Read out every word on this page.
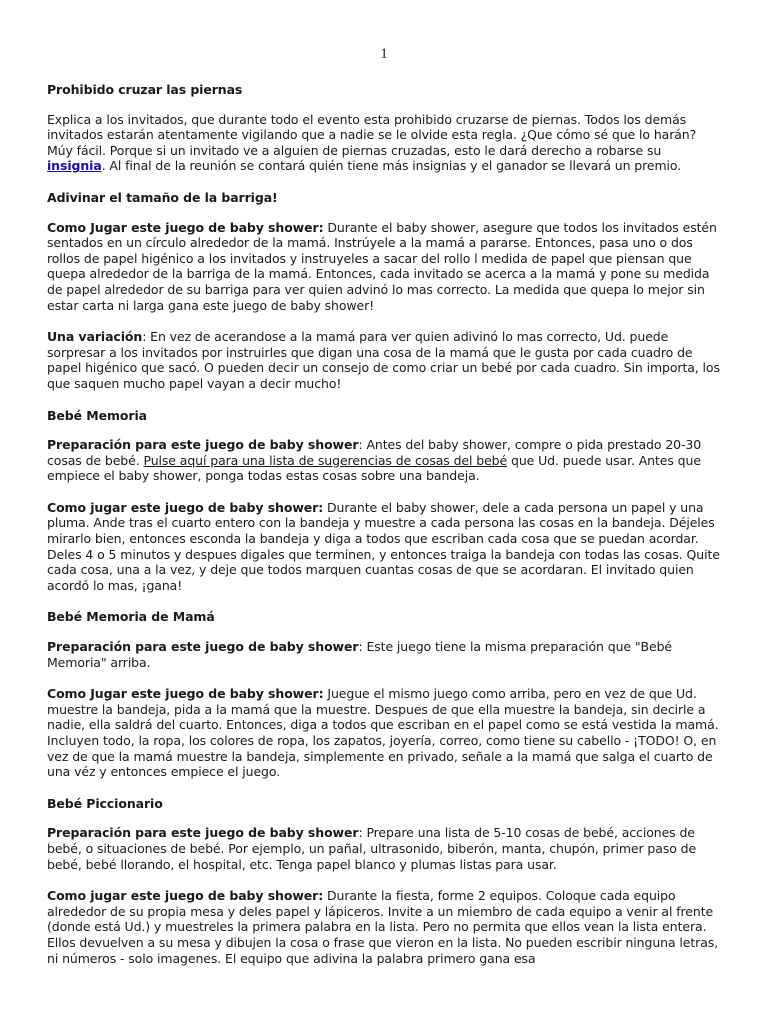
1
Prohibido cruzar las piernas

Explica a los invitados, que durante todo el evento esta prohibido cruzarse de piernas. Todos los demás invitados estarán atentamente vigilando que a nadie se le olvide esta regla. ¿Que cómo sé que lo harán? Múy fácil. Porque si un invitado ve a alguien de piernas cruzadas, esto le dará derecho a robarse su insignia. Al final de la reunión se contará quién tiene más insignias y el ganador se llevará un premio.

Adivinar el tamaño de la barriga!

Como Jugar este juego de baby shower: Durante el baby shower, asegure que todos los invitados estén sentados en un círculo alrededor de la mamá. Instrúyele a la mamá a pararse. Entonces, pasa uno o dos rollos de papel higénico a los invitados y instruyeles a sacar del rollo l medida de papel que piensan que quepa alrededor de la barriga de la mamá. Entonces, cada invitado se acerca a la mamá y pone su medida de papel alrededor de su barriga para ver quien advinó lo mas correcto. La medida que quepa lo mejor sin estar carta ni larga gana este juego de baby shower!

Una variación: En vez de acerandose a la mamá para ver quien adivinó lo mas correcto, Ud. puede sorpresar a los invitados por instruirles que digan una cosa de la mamá que le gusta por cada cuadro de papel higénico que sacó. O pueden decir un consejo de como criar un bebé por cada cuadro. Sin importa, los que saquen mucho papel vayan a decir mucho!

Bebé Memoria

Preparación para este juego de baby shower: Antes del baby shower, compre o pida prestado 20-30 cosas de bebé. Pulse aquí para una lista de sugerencias de cosas del bebé que Ud. puede usar. Antes que empiece el baby shower, ponga todas estas cosas sobre una bandeja.

Como jugar este juego de baby shower: Durante el baby shower, dele a cada persona un papel y una pluma. Ande tras el cuarto entero con la bandeja y muestre a cada persona las cosas en la bandeja. Déjeles mirarlo bien, entonces esconda la bandeja y diga a todos que escriban cada cosa que se puedan acordar. Deles 4 o 5 minutos y despues digales que terminen, y entonces traiga la bandeja con todas las cosas. Quite cada cosa, una a la vez, y deje que todos marquen cuantas cosas de que se acordaran. El invitado quien acordó lo mas, ¡gana!

Bebé Memoria de Mamá

Preparación para este juego de baby shower: Este juego tiene la misma preparación que "Bebé Memoria" arriba.

Como Jugar este juego de baby shower: Juegue el mismo juego como arriba, pero en vez de que Ud. muestre la bandeja, pida a la mamá que la muestre. Despues de que ella muestre la bandeja, sin decirle a nadie, ella saldrá del cuarto. Entonces, diga a todos que escriban en el papel como se está vestida la mamá. Incluyen todo, la ropa, los colores de ropa, los zapatos, joyería, correo, como tiene su cabello - ¡TODO! O, en vez de que la mamá muestre la bandeja, simplemente en privado, señale a la mamá que salga el cuarto de una véz y entonces empiece el juego.

Bebé Piccionario

Preparación para este juego de baby shower: Prepare una lista de 5-10 cosas de bebé, acciones de bebé, o situaciones de bebé. Por ejemplo, un pañal, ultrasonido, biberón, manta, chupón, primer paso de bebé, bebé llorando, el hospital, etc. Tenga papel blanco y plumas listas para usar.

Como jugar este juego de baby shower: Durante la fiesta, forme 2 equipos. Coloque cada equipo alrededor de su propia mesa y deles papel y lápiceros. Invite a un miembro de cada equipo a venir al frente (donde está Ud.) y muestreles la primera palabra en la lista. Pero no permita que ellos vean la lista entera. Ellos devuelven a su mesa y dibujen la cosa o frase que vieron en la lista. No pueden escribir ninguna letras, ni números - solo imagenes. El equipo que adivina la palabra primero gana esa
